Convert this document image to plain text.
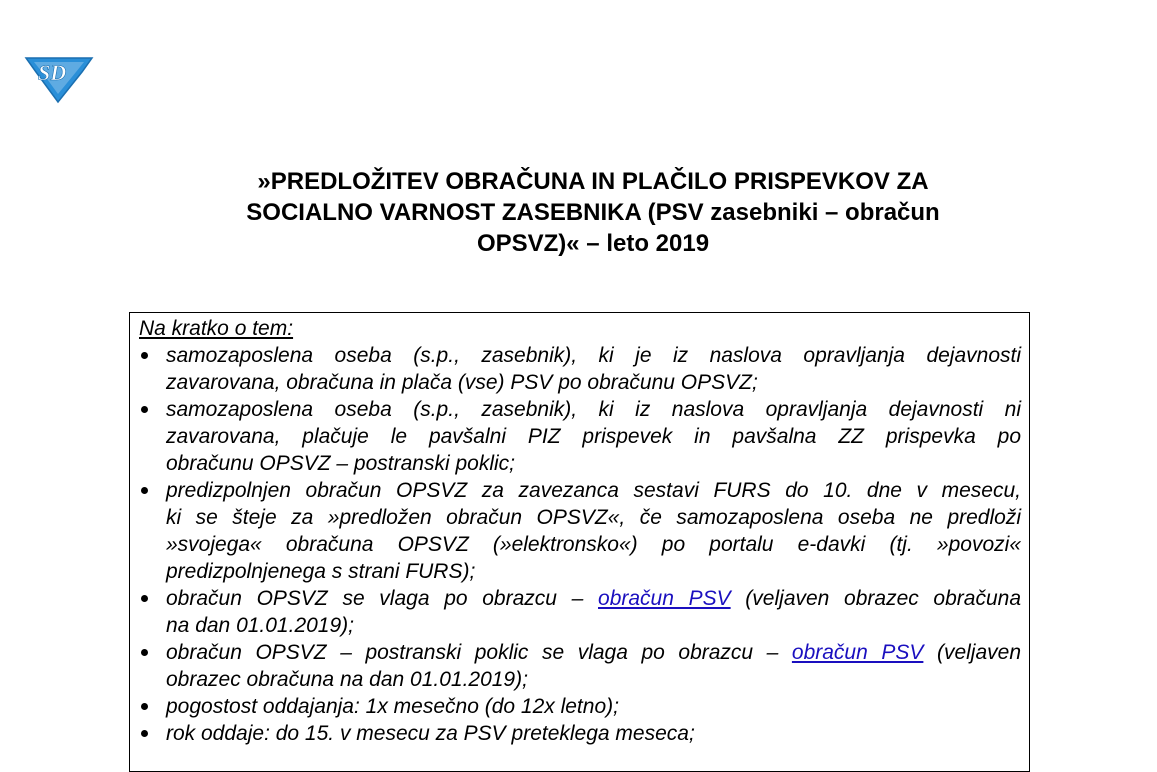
SD
»PREDLOŽITEV OBRAČUNA IN PLAČILO PRISPEVKOV ZA
SOCIALNO VARNOST ZASEBNIKA (PSV zasebniki – obračun
OPSVZ)« – leto 2019
Na kratko o tem:
samozaposlena oseba (s.p., zasebnik), ki je iz naslova opravljanja dejavnosti
zavarovana, obračuna in plača (vse) PSV po obračunu OPSVZ;
samozaposlena oseba (s.p., zasebnik), ki iz naslova opravljanja dejavnosti ni
zavarovana, plačuje le pavšalni PIZ prispevek in pavšalna ZZ prispevka po
obračunu OPSVZ – postranski poklic;
predizpolnjen obračun OPSVZ za zavezanca sestavi FURS do 10. dne v mesecu,
ki se šteje za »predložen obračun OPSVZ«, če samozaposlena oseba ne predloži
»svojega« obračuna OPSVZ (»elektronsko«) po portalu e-davki (tj. »povozi«
predizpolnjenega s strani FURS);
obračun OPSVZ se vlaga po obrazcu – obračun PSV (veljaven obrazec obračuna
na dan 01.01.2019);
obračun OPSVZ – postranski poklic se vlaga po obrazcu – obračun PSV (veljaven
obrazec obračuna na dan 01.01.2019);
pogostost oddajanja: 1x mesečno (do 12x letno);
rok oddaje: do 15. v mesecu za PSV preteklega meseca;
